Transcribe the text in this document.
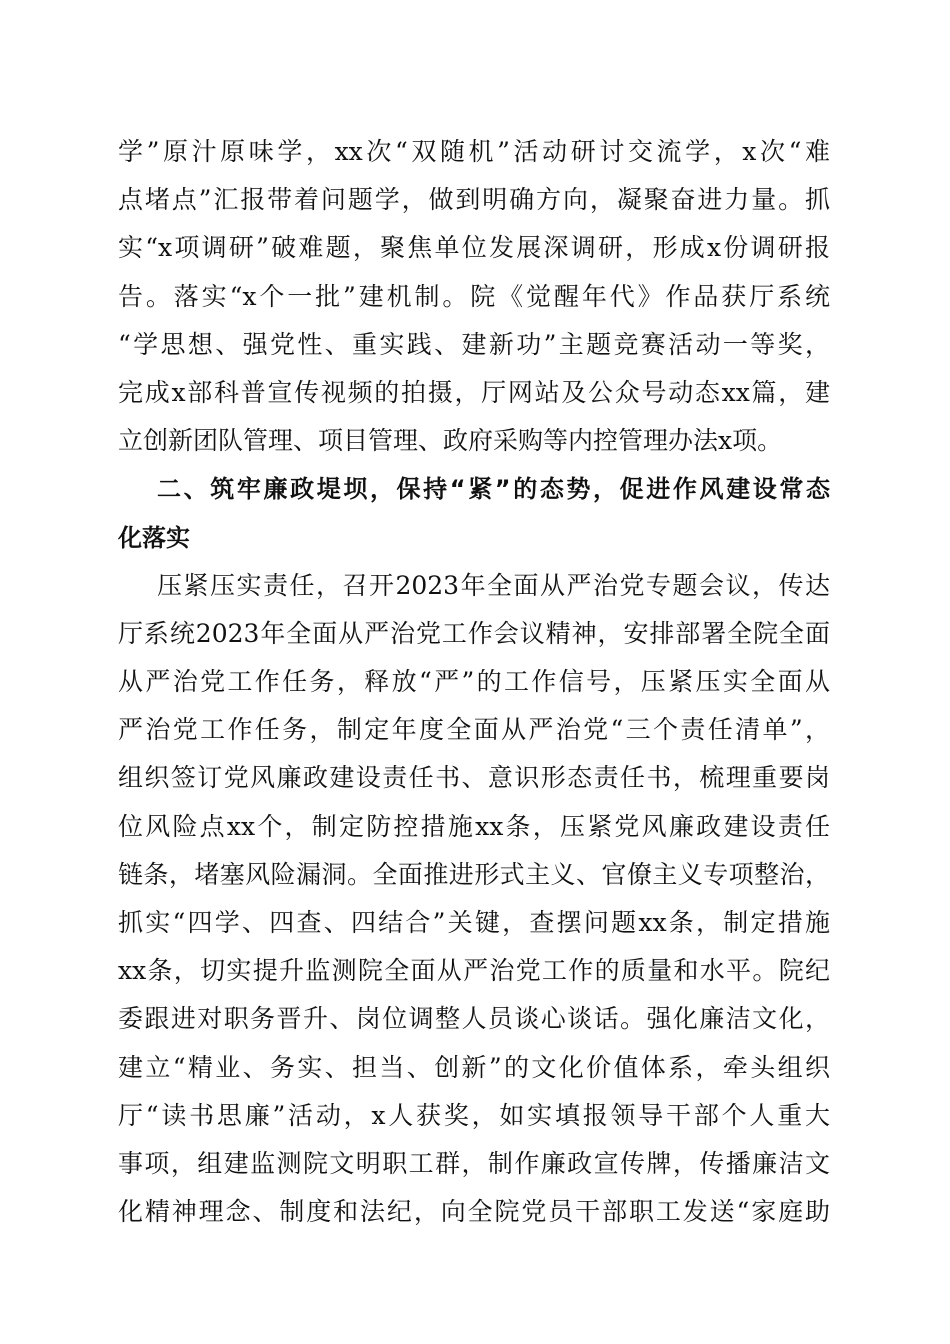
学”原汁原味学，xx次“双随机”活动研讨交流学，x次“难
点堵点”汇报带着问题学，做到明确方向，凝聚奋进力量。抓
实“x项调研”破难题，聚焦单位发展深调研，形成x份调研报
告。落实“x个一批”建机制。院《觉醒年代》作品获厅系统
“学思想、强党性、重实践、建新功”主题竞赛活动一等奖，
完成x部科普宣传视频的拍摄，厅网站及公众号动态xx篇，建
立创新团队管理、项目管理、政府采购等内控管理办法x项。
二、筑牢廉政堤坝，保持“紧”的态势，促进作风建设常态
化落实
压紧压实责任，召开2023年全面从严治党专题会议，传达
厅系统2023年全面从严治党工作会议精神，安排部署全院全面
从严治党工作任务，释放“严”的工作信号，压紧压实全面从
严治党工作任务，制定年度全面从严治党“三个责任清单”，
组织签订党风廉政建设责任书、意识形态责任书，梳理重要岗
位风险点xx个，制定防控措施xx条，压紧党风廉政建设责任
链条，堵塞风险漏洞。全面推进形式主义、官僚主义专项整治，
抓实“四学、四查、四结合”关键，查摆问题xx条，制定措施
xx条，切实提升监测院全面从严治党工作的质量和水平。院纪
委跟进对职务晋升、岗位调整人员谈心谈话。强化廉洁文化，
建立“精业、务实、担当、创新”的文化价值体系，牵头组织
厅“读书思廉”活动，x人获奖，如实填报领导干部个人重大
事项，组建监测院文明职工群，制作廉政宣传牌，传播廉洁文
化精神理念、制度和法纪，向全院党员干部职工发送“家庭助
